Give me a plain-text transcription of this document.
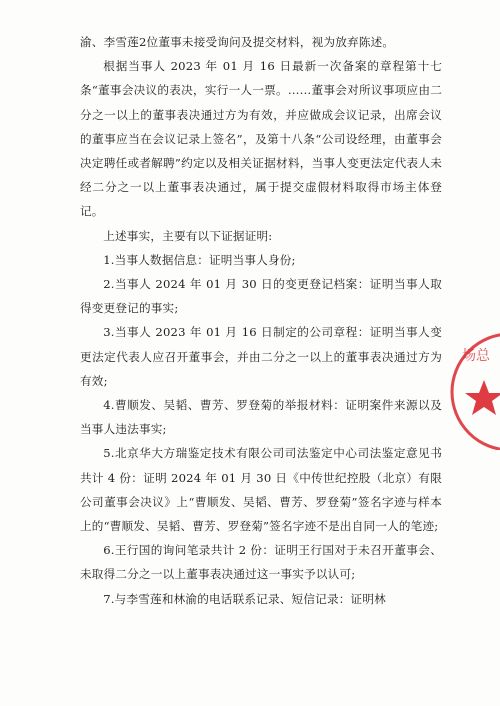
渝、李雪莲2位董事未接受询问及提交材料，视为放弃陈述。

根据当事人 2023 年 01 月 16 日最新一次备案的章程第十七条“董事会决议的表决，实行一人一票。……董事会对所议事项应由二分之一以上的董事表决通过方为有效，并应做成会议记录，出席会议的董事应当在会议记录上签名”，及第十八条“公司设经理，由董事会决定聘任或者解聘”约定以及相关证据材料，当事人变更法定代表人未经二分之一以上董事表决通过，属于提交虚假材料取得市场主体登记。

上述事实，主要有以下证据证明:

1.当事人数据信息：证明当事人身份;

2.当事人 2024 年 01 月 30 日的变更登记档案：证明当事人取得变更登记的事实;

3.当事人 2023 年 01 月 16 日制定的公司章程：证明当事人变更法定代表人应召开董事会，并由二分之一以上的董事表决通过方为有效;

4.曹顺发、吴韬、曹芳、罗登菊的举报材料：证明案件来源以及当事人违法事实;

5.北京华大方瑞鉴定技术有限公司司法鉴定中心司法鉴定意见书共计 4 份：证明 2024 年 01 月 30 日《中传世纪控股（北京）有限公司董事会决议》上“曹顺发、吴韬、曹芳、罗登菊”签名字迹与样本上的“曹顺发、吴韬、曹芳、罗登菊”签名字迹不是出自同一人的笔迹;

6.王行国的询问笔录共计 2 份：证明王行国对于未召开董事会、未取得二分之一以上董事表决通过这一事实予以认可;

7.与李雪莲和林渝的电话联系记录、短信记录：证明林

场总
